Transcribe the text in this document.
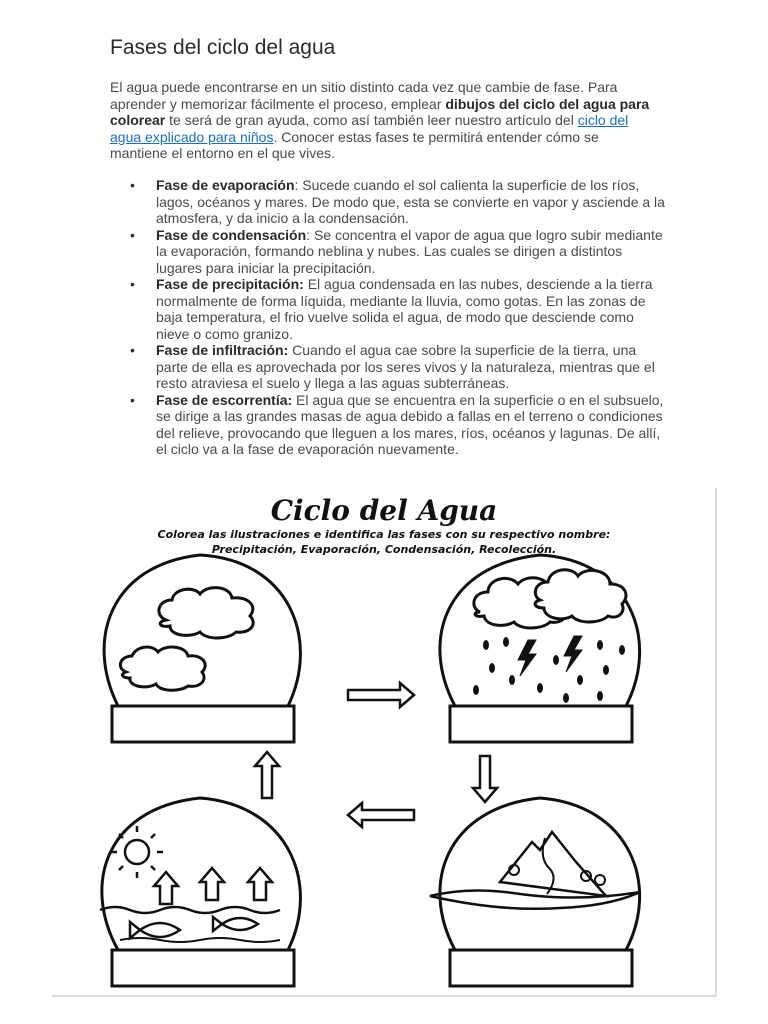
Fases del ciclo del agua

El agua puede encontrarse en un sitio distinto cada vez que cambie de fase. Para aprender y memorizar fácilmente el proceso, emplear dibujos del ciclo del agua para colorear te será de gran ayuda, como así también leer nuestro artículo del ciclo del agua explicado para niños. Conocer estas fases te permitirá entender cómo se mantiene el entorno en el que vives.

• Fase de evaporación: Sucede cuando el sol calienta la superficie de los ríos, lagos, océanos y mares. De modo que, esta se convierte en vapor y asciende a la atmosfera, y da inicio a la condensación.
• Fase de condensación: Se concentra el vapor de agua que logro subir mediante la evaporación, formando neblina y nubes. Las cuales se dirigen a distintos lugares para iniciar la precipitación.
• Fase de precipitación: El agua condensada en las nubes, desciende a la tierra normalmente de forma líquida, mediante la lluvia, como gotas. En las zonas de baja temperatura, el frio vuelve solida el agua, de modo que desciende como nieve o como granizo.
• Fase de infiltración: Cuando el agua cae sobre la superficie de la tierra, una parte de ella es aprovechada por los seres vivos y la naturaleza, mientras que el resto atraviesa el suelo y llega a las aguas subterráneas.
• Fase de escorrentía: El agua que se encuentra en la superficie o en el subsuelo, se dirige a las grandes masas de agua debido a fallas en el terreno o condiciones del relieve, provocando que lleguen a los mares, ríos, océanos y lagunas. De allí, el ciclo va a la fase de evaporación nuevamente.
Ciclo del Agua
Colorea las ilustraciones e identifica las fases con su respectivo nombre:
Precipitación, Evaporación, Condensación, Recolección.
